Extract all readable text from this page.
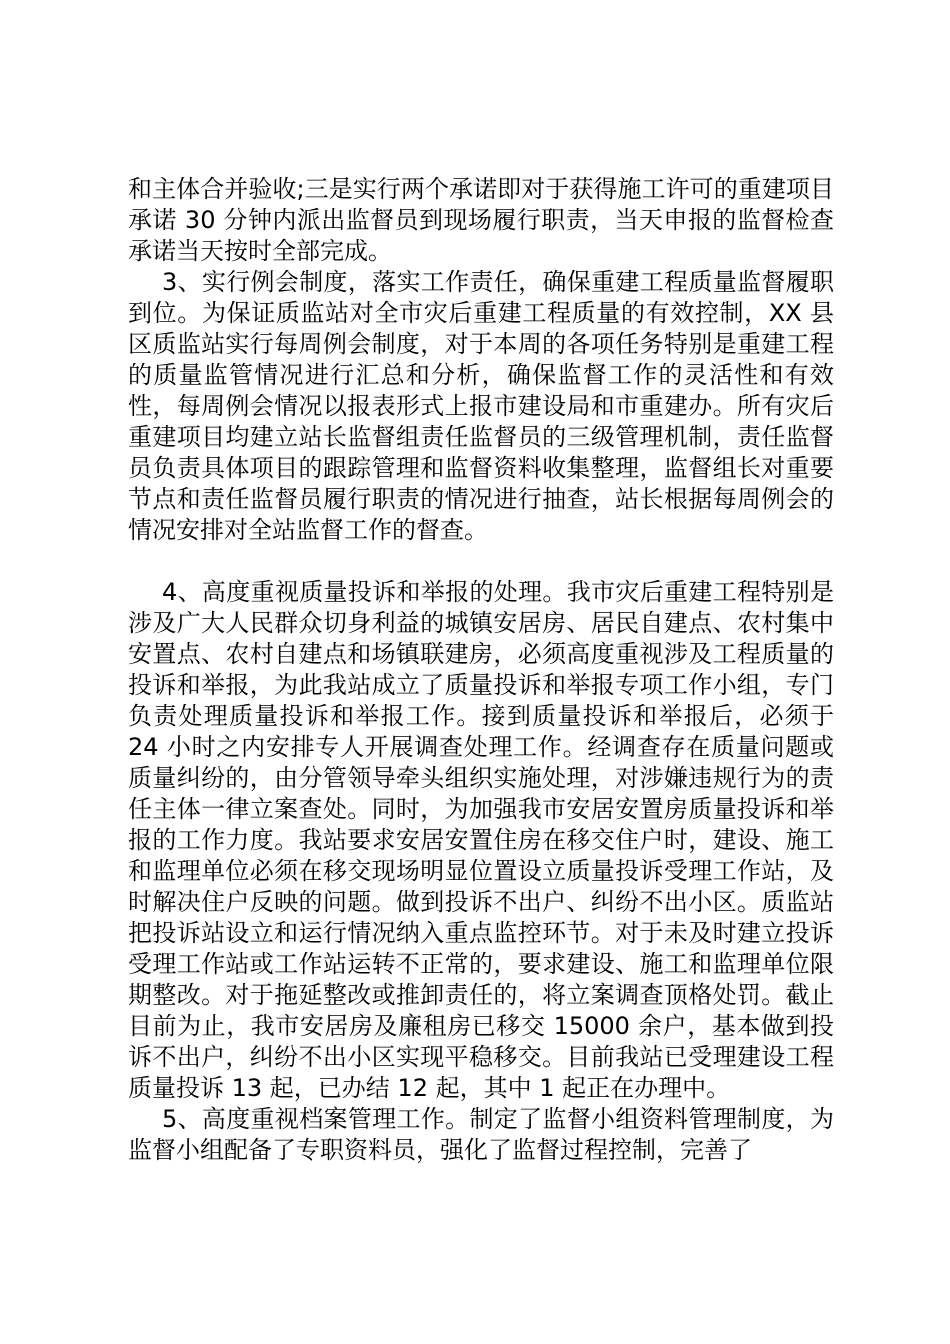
和主体合并验收;三是实行两个承诺即对于获得施工许可的重建项目承诺 30 分钟内派出监督员到现场履行职责，当天申报的监督检查承诺当天按时全部完成。

3、实行例会制度，落实工作责任，确保重建工程质量监督履职到位。为保证质监站对全市灾后重建工程质量的有效控制，XX 县区质监站实行每周例会制度，对于本周的各项任务特别是重建工程的质量监管情况进行汇总和分析，确保监督工作的灵活性和有效性，每周例会情况以报表形式上报市建设局和市重建办。所有灾后重建项目均建立站长监督组责任监督员的三级管理机制，责任监督员负责具体项目的跟踪管理和监督资料收集整理，监督组长对重要节点和责任监督员履行职责的情况进行抽查，站长根据每周例会的情况安排对全站监督工作的督查。

4、高度重视质量投诉和举报的处理。我市灾后重建工程特别是涉及广大人民群众切身利益的城镇安居房、居民自建点、农村集中安置点、农村自建点和场镇联建房，必须高度重视涉及工程质量的投诉和举报，为此我站成立了质量投诉和举报专项工作小组，专门负责处理质量投诉和举报工作。接到质量投诉和举报后，必须于 24 小时之内安排专人开展调查处理工作。经调查存在质量问题或质量纠纷的，由分管领导牵头组织实施处理，对涉嫌违规行为的责任主体一律立案查处。同时，为加强我市安居安置房质量投诉和举报的工作力度。我站要求安居安置住房在移交住户时，建设、施工和监理单位必须在移交现场明显位置设立质量投诉受理工作站，及时解决住户反映的问题。做到投诉不出户、纠纷不出小区。质监站把投诉站设立和运行情况纳入重点监控环节。对于未及时建立投诉受理工作站或工作站运转不正常的，要求建设、施工和监理单位限期整改。对于拖延整改或推卸责任的，将立案调查顶格处罚。截止目前为止，我市安居房及廉租房已移交 15000 余户，基本做到投诉不出户，纠纷不出小区实现平稳移交。目前我站已受理建设工程质量投诉 13 起，已办结 12 起，其中 1 起正在办理中。

5、高度重视档案管理工作。制定了监督小组资料管理制度，为监督小组配备了专职资料员，强化了监督过程控制，完善了
